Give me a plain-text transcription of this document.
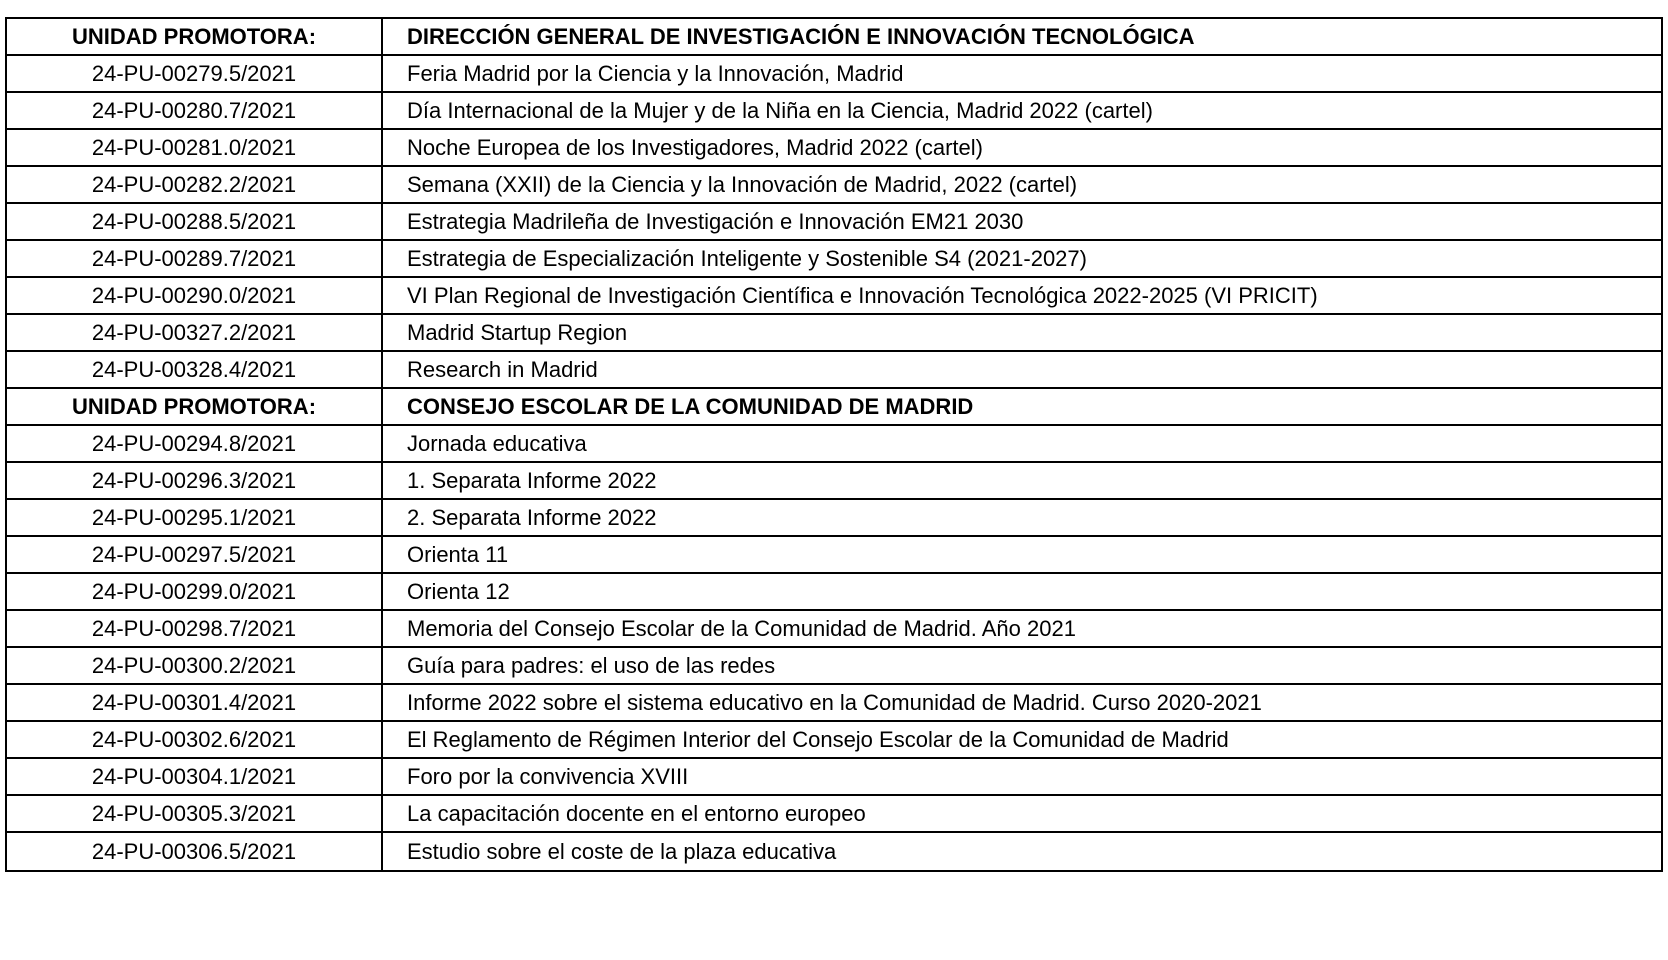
UNIDAD PROMOTORA:	DIRECCIÓN GENERAL DE INVESTIGACIÓN E INNOVACIÓN TECNOLÓGICA
24-PU-00279.5/2021	Feria Madrid por la Ciencia y la Innovación, Madrid
24-PU-00280.7/2021	Día Internacional de la Mujer y de la Niña en la Ciencia, Madrid 2022 (cartel)
24-PU-00281.0/2021	Noche Europea de los Investigadores, Madrid 2022 (cartel)
24-PU-00282.2/2021	Semana (XXII) de la Ciencia y la Innovación de Madrid, 2022 (cartel)
24-PU-00288.5/2021	Estrategia Madrileña de Investigación e Innovación EM21 2030
24-PU-00289.7/2021	Estrategia de Especialización Inteligente y Sostenible S4 (2021-2027)
24-PU-00290.0/2021	VI Plan Regional de Investigación Científica e Innovación Tecnológica 2022-2025 (VI PRICIT)
24-PU-00327.2/2021	Madrid Startup Region
24-PU-00328.4/2021	Research in Madrid
UNIDAD PROMOTORA:	CONSEJO ESCOLAR DE LA COMUNIDAD DE MADRID
24-PU-00294.8/2021	Jornada educativa
24-PU-00296.3/2021	1. Separata Informe 2022
24-PU-00295.1/2021	2. Separata Informe 2022
24-PU-00297.5/2021	Orienta 11
24-PU-00299.0/2021	Orienta 12
24-PU-00298.7/2021	Memoria del Consejo Escolar de la Comunidad de Madrid. Año 2021
24-PU-00300.2/2021	Guía para padres: el uso de las redes
24-PU-00301.4/2021	Informe 2022 sobre el sistema educativo en la Comunidad de Madrid. Curso 2020-2021
24-PU-00302.6/2021	El Reglamento de Régimen Interior del Consejo Escolar de la Comunidad de Madrid
24-PU-00304.1/2021	Foro por la convivencia XVIII
24-PU-00305.3/2021	La capacitación docente en el entorno europeo
24-PU-00306.5/2021	Estudio sobre el coste de la plaza educativa
